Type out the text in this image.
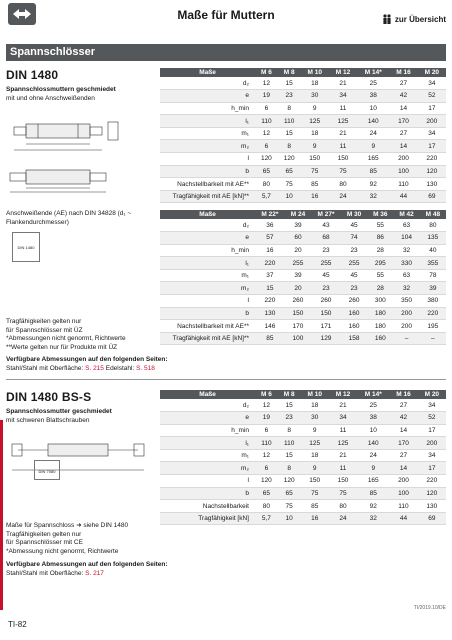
Maße für Muttern	zur Übersicht
Spannschlösser
DIN 1480
Spannschlossmuttern geschmiedet
mit und ohne Anschweißenden
Anschweißende (AE) nach DIN 34828 (d₁ ~ Flankendurchmesser)
DIN 1480
Maße	M 6	M 8	M 10	M 12	M 14*	M 16	M 20
d₂	12	15	18	21	25	27	34
e	19	23	30	34	38	42	52
h_min	6	8	9	11	10	14	17
l₁	110	110	125	125	140	170	200
m₁	12	15	18	21	24	27	34
m₂	6	8	9	11	9	14	17
l	120	120	150	150	165	200	220
b	65	65	75	75	85	100	120
Nachstellbarkeit mit AE**	80	75	85	80	92	110	130
Tragfähigkeit mit AE [kN]**	5,7	10	16	24	32	44	69
Maße	M 22*	M 24	M 27*	M 30	M 36	M 42	M 48
d₂	36	39	43	45	55	63	80
e	57	60	68	74	86	104	135
h_min	16	20	23	23	28	32	40
l₁	220	255	255	255	295	330	355
m₁	37	39	45	45	55	63	78
m₂	15	20	23	23	28	32	39
l	220	260	260	260	300	350	380
b	130	150	150	160	180	200	220
Nachstellbarkeit mit AE**	146	170	171	160	180	200	195
Tragfähigkeit mit AE [kN]**	85	100	129	158	160	–	–
Tragfähigkeiten gelten nur
für Spannschlösser mit ÜZ
*Abmessungen nicht genormt, Richtwerte
**Werte gelten nur für Produkte mit ÜZ
Verfügbare Abmessungen auf den folgenden Seiten:
Stahl/Stahl mit Oberfläche: S. 215 Edelstahl: S. 518
DIN 1480 BS-S
Spannschlossmutter geschmiedet
mit schweren Blattschrauben
DIN 7080
Maße	M 6	M 8	M 10	M 12	M 14*	M 16	M 20
d₂	12	15	18	21	25	27	34
e	19	23	30	34	38	42	52
h_min	6	8	9	11	10	14	17
l₁	110	110	125	125	140	170	200
m₁	12	15	18	21	24	27	34
m₂	6	8	9	11	9	14	17
l	120	120	150	150	165	200	220
b	65	65	75	75	85	100	120
Nachstellbarkeit	80	75	85	80	92	110	130
Tragfähigkeit [kN]	5,7	10	16	24	32	44	69
Maße für Spannschloss ➜ siehe DIN 1480
Tragfähigkeiten gelten nur
für Spannschlösser mit CE
*Abmessung nicht genormt, Richtwerte
Verfügbare Abmessungen auf den folgenden Seiten:
Stahl/Stahl mit Oberfläche: S. 217
TI/2019.10/DE
TI-82
